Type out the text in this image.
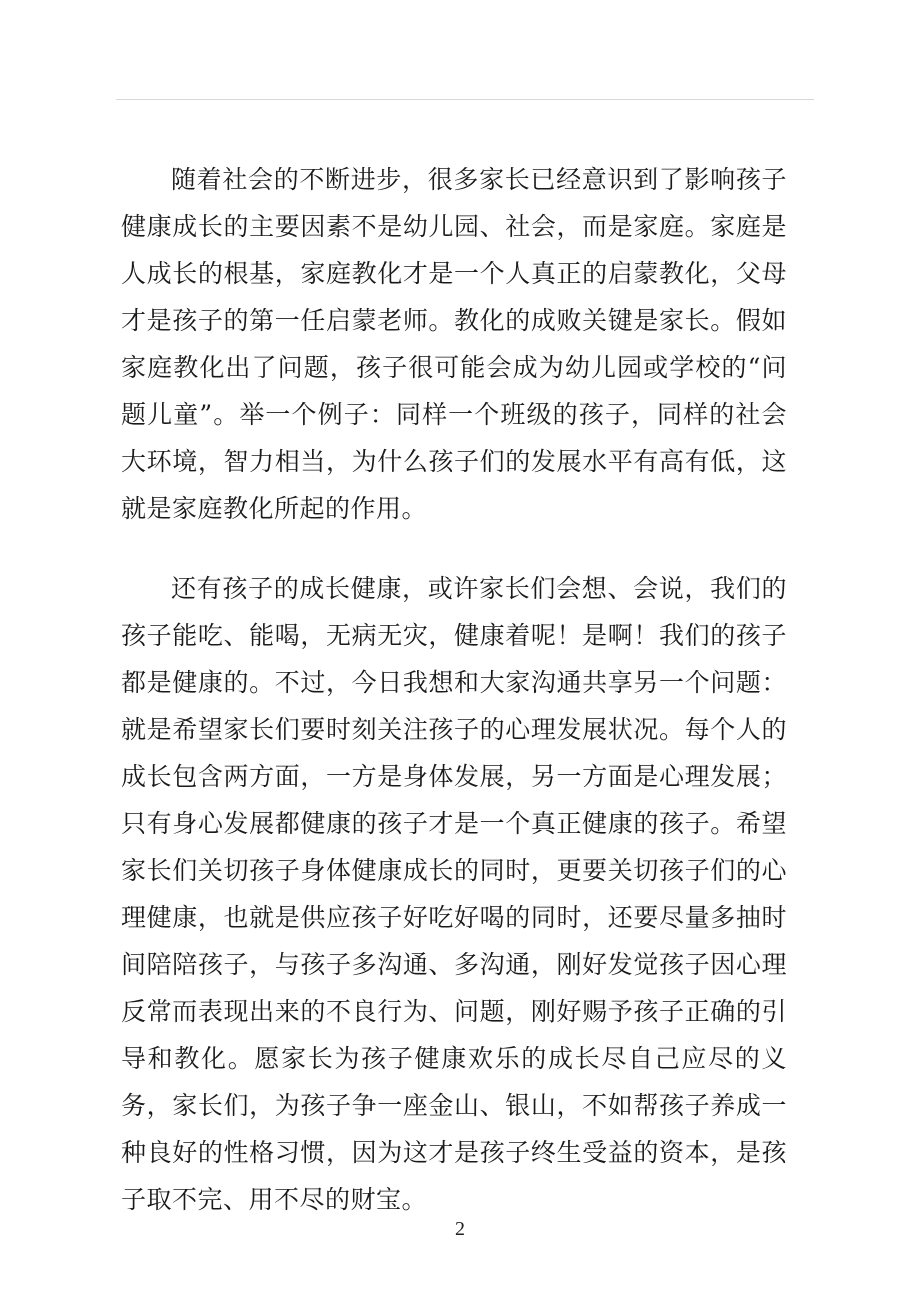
随着社会的不断进步，很多家长已经意识到了影响孩子健康成长的主要因素不是幼儿园、社会，而是家庭。家庭是人成长的根基，家庭教化才是一个人真正的启蒙教化，父母才是孩子的第一任启蒙老师。教化的成败关键是家长。假如家庭教化出了问题，孩子很可能会成为幼儿园或学校的“问题儿童”。举一个例子：同样一个班级的孩子，同样的社会大环境，智力相当，为什么孩子们的发展水平有高有低，这就是家庭教化所起的作用。

还有孩子的成长健康，或许家长们会想、会说，我们的孩子能吃、能喝，无病无灾，健康着呢！是啊！我们的孩子都是健康的。不过，今日我想和大家沟通共享另一个问题：就是希望家长们要时刻关注孩子的心理发展状况。每个人的成长包含两方面，一方是身体发展，另一方面是心理发展；只有身心发展都健康的孩子才是一个真正健康的孩子。希望家长们关切孩子身体健康成长的同时，更要关切孩子们的心理健康，也就是供应孩子好吃好喝的同时，还要尽量多抽时间陪陪孩子，与孩子多沟通、多沟通，刚好发觉孩子因心理反常而表现出来的不良行为、问题，刚好赐予孩子正确的引导和教化。愿家长为孩子健康欢乐的成长尽自己应尽的义务，家长们，为孩子争一座金山、银山，不如帮孩子养成一种良好的性格习惯，因为这才是孩子终生受益的资本，是孩子取不完、用不尽的财宝。

2
